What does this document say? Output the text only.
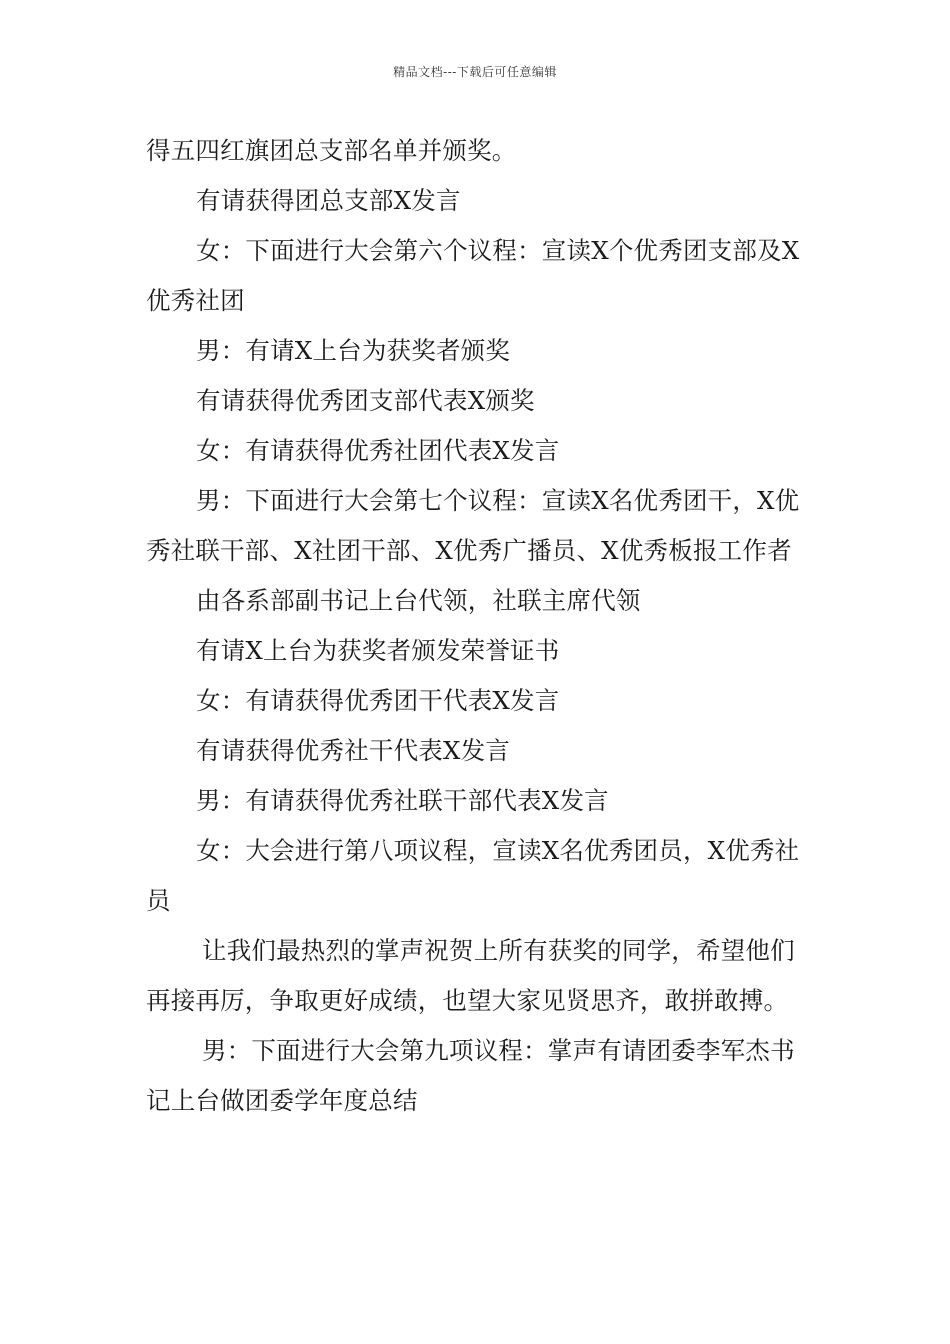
精品文档---下载后可任意编辑

得五四红旗团总支部名单并颁奖。

有请获得团总支部X发言

女：下面进行大会第六个议程：宣读X个优秀团支部及X优秀社团

男：有请X上台为获奖者颁奖

有请获得优秀团支部代表X颁奖

女：有请获得优秀社团代表X发言

男：下面进行大会第七个议程：宣读X名优秀团干，X优秀社联干部、X社团干部、X优秀广播员、X优秀板报工作者

由各系部副书记上台代领，社联主席代领

有请X上台为获奖者颁发荣誉证书

女：有请获得优秀团干代表X发言

有请获得优秀社干代表X发言

男：有请获得优秀社联干部代表X发言

女：大会进行第八项议程，宣读X名优秀团员，X优秀社员

让我们最热烈的掌声祝贺上所有获奖的同学，希望他们再接再厉，争取更好成绩，也望大家见贤思齐，敢拼敢搏。

男：下面进行大会第九项议程：掌声有请团委李军杰书记上台做团委学年度总结
